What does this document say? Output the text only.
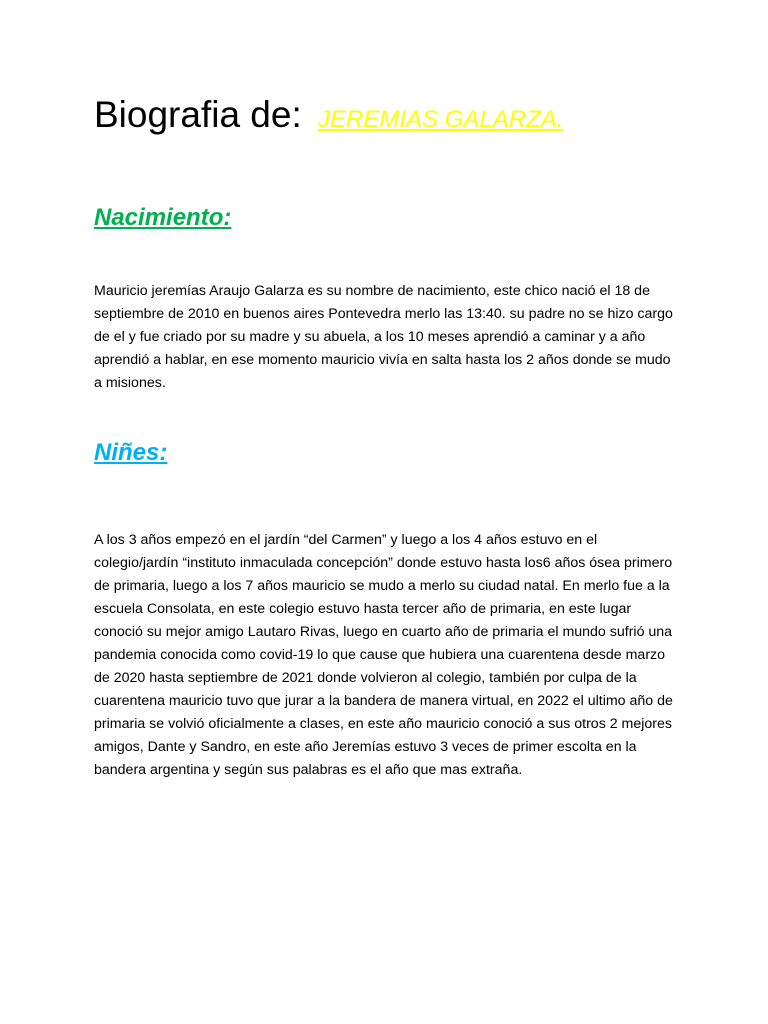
Biografia de: JEREMIAS GALARZA.
Nacimiento:

Mauricio jeremías Araujo Galarza es su nombre de nacimiento, este chico nació el 18 de septiembre de 2010 en buenos aires Pontevedra merlo las 13:40. su padre no se hizo cargo de el y fue criado por su madre y su abuela, a los 10 meses aprendió a caminar y a año aprendió a hablar, en ese momento mauricio vivía en salta hasta los 2 años donde se mudo a misiones.

Niñes:

A los 3 años empezó en el jardín “del Carmen” y luego a los 4 años estuvo en el colegio/jardín “instituto inmaculada concepción” donde estuvo hasta los6 años ósea primero de primaria, luego a los 7 años mauricio se mudo a merlo su ciudad natal. En merlo fue a la escuela Consolata, en este colegio estuvo hasta tercer año de primaria, en este lugar conoció su mejor amigo Lautaro Rivas, luego en cuarto año de primaria el mundo sufrió una pandemia conocida como covid-19 lo que cause que hubiera una cuarentena desde marzo de 2020 hasta septiembre de 2021 donde volvieron al colegio, también por culpa de la cuarentena mauricio tuvo que jurar a la bandera de manera virtual, en 2022 el ultimo año de primaria se volvió oficialmente a clases, en este año mauricio conoció a sus otros 2 mejores amigos, Dante y Sandro, en este año Jeremías estuvo 3 veces de primer escolta en la bandera argentina y según sus palabras es el año que mas extraña.
